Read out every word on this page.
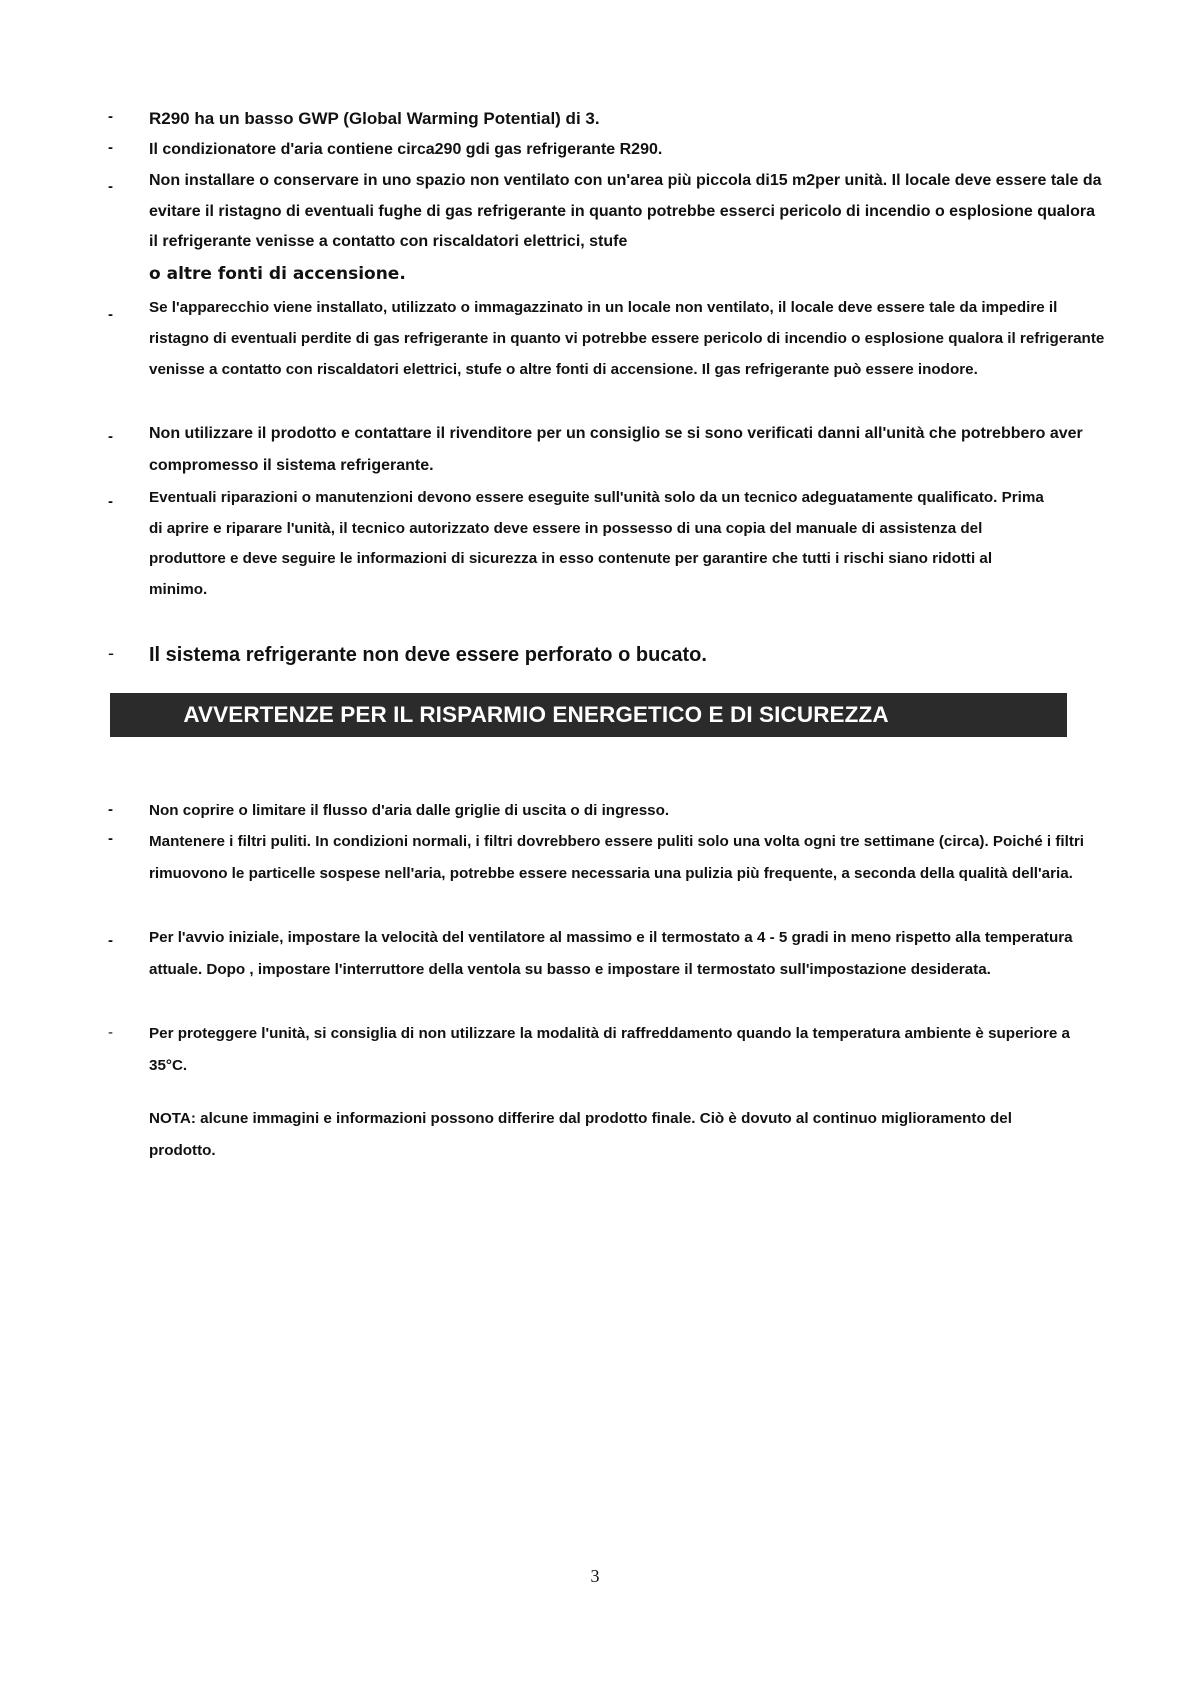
- R290 ha un basso GWP (Global Warming Potential) di 3.
- Il condizionatore d'aria contiene circa290 gdi gas refrigerante R290.
- Non installare o conservare in uno spazio non ventilato con un'area più piccola di15 m2per unità. Il locale deve essere tale da evitare il ristagno di eventuali fughe di gas refrigerante in quanto potrebbe esserci pericolo di incendio o esplosione qualora il refrigerante venisse a contatto con riscaldatori elettrici, stufe
o altre fonti di accensione.
- Se l'apparecchio viene installato, utilizzato o immagazzinato in un locale non ventilato, il locale deve essere tale da impedire il ristagno di eventuali perdite di gas refrigerante in quanto vi potrebbe essere pericolo di incendio o esplosione qualora il refrigerante venisse a contatto con riscaldatori elettrici, stufe o altre fonti di accensione. Il gas refrigerante può essere inodore.
- Non utilizzare il prodotto e contattare il rivenditore per un consiglio se si sono verificati danni all'unità che potrebbero aver compromesso il sistema refrigerante.
- Eventuali riparazioni o manutenzioni devono essere eseguite sull'unità solo da un tecnico adeguatamente qualificato. Prima di aprire e riparare l'unità, il tecnico autorizzato deve essere in possesso di una copia del manuale di assistenza del produttore e deve seguire le informazioni di sicurezza in esso contenute per garantire che tutti i rischi siano ridotti al minimo.
- Il sistema refrigerante non deve essere perforato o bucato.
AVVERTENZE PER IL RISPARMIO ENERGETICO E DI SICUREZZA
- Non coprire o limitare il flusso d'aria dalle griglie di uscita o di ingresso.
- Mantenere i filtri puliti. In condizioni normali, i filtri dovrebbero essere puliti solo una volta ogni tre settimane (circa). Poiché i filtri rimuovono le particelle sospese nell'aria, potrebbe essere necessaria una pulizia più frequente, a seconda della qualità dell'aria.
- Per l'avvio iniziale, impostare la velocità del ventilatore al massimo e il termostato a 4 - 5 gradi in meno rispetto alla temperatura attuale. Dopo , impostare l'interruttore della ventola su basso e impostare il termostato sull'impostazione desiderata.
- Per proteggere l'unità, si consiglia di non utilizzare la modalità di raffreddamento quando la temperatura ambiente è superiore a 35°C.
NOTA: alcune immagini e informazioni possono differire dal prodotto finale. Ciò è dovuto al continuo miglioramento del prodotto.
3
